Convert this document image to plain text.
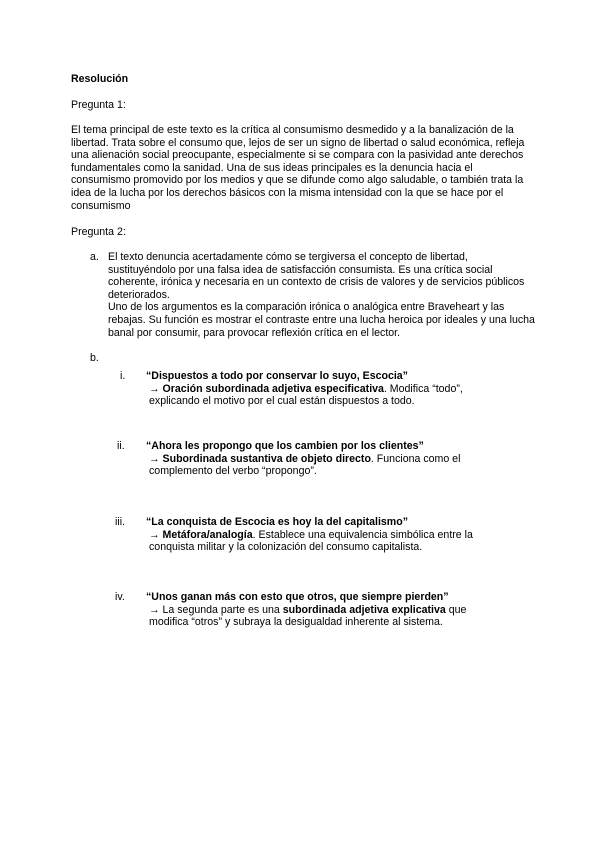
Resolución

Pregunta 1:

El tema principal de este texto es la crítica al consumismo desmedido y a la banalización de la libertad. Trata sobre el consumo que, lejos de ser un signo de libertad o salud económica, refleja una alienación social preocupante, especialmente si se compara con la pasividad ante derechos fundamentales como la sanidad. Una de sus ideas principales es la denuncia hacia el consumismo promovido por los medios y que se difunde como algo saludable, o también trata la idea de la lucha por los derechos básicos con la misma intensidad con la que se hace por el consumismo

Pregunta 2:

a. El texto denuncia acertadamente cómo se tergiversa el concepto de libertad, sustituyéndolo por una falsa idea de satisfacción consumista. Es una crítica social coherente, irónica y necesaria en un contexto de crisis de valores y de servicios públicos deteriorados.
Uno de los argumentos es la comparación irónica o analógica entre Braveheart y las rebajas. Su función es mostrar el contraste entre una lucha heroica por ideales y una lucha banal por consumir, para provocar reflexión crítica en el lector.
b.
i. “Dispuestos a todo por conservar lo suyo, Escocia”
→ Oración subordinada adjetiva especificativa. Modifica “todo”, explicando el motivo por el cual están dispuestos a todo.
ii. “Ahora les propongo que los cambien por los clientes”
→ Subordinada sustantiva de objeto directo. Funciona como el complemento del verbo “propongo”.
iii. “La conquista de Escocia es hoy la del capitalismo”
→ Metáfora/analogía. Establece una equivalencia simbólica entre la conquista militar y la colonización del consumo capitalista.
iv. “Unos ganan más con esto que otros, que siempre pierden”
→ La segunda parte es una subordinada adjetiva explicativa que modifica “otros” y subraya la desigualdad inherente al sistema.
